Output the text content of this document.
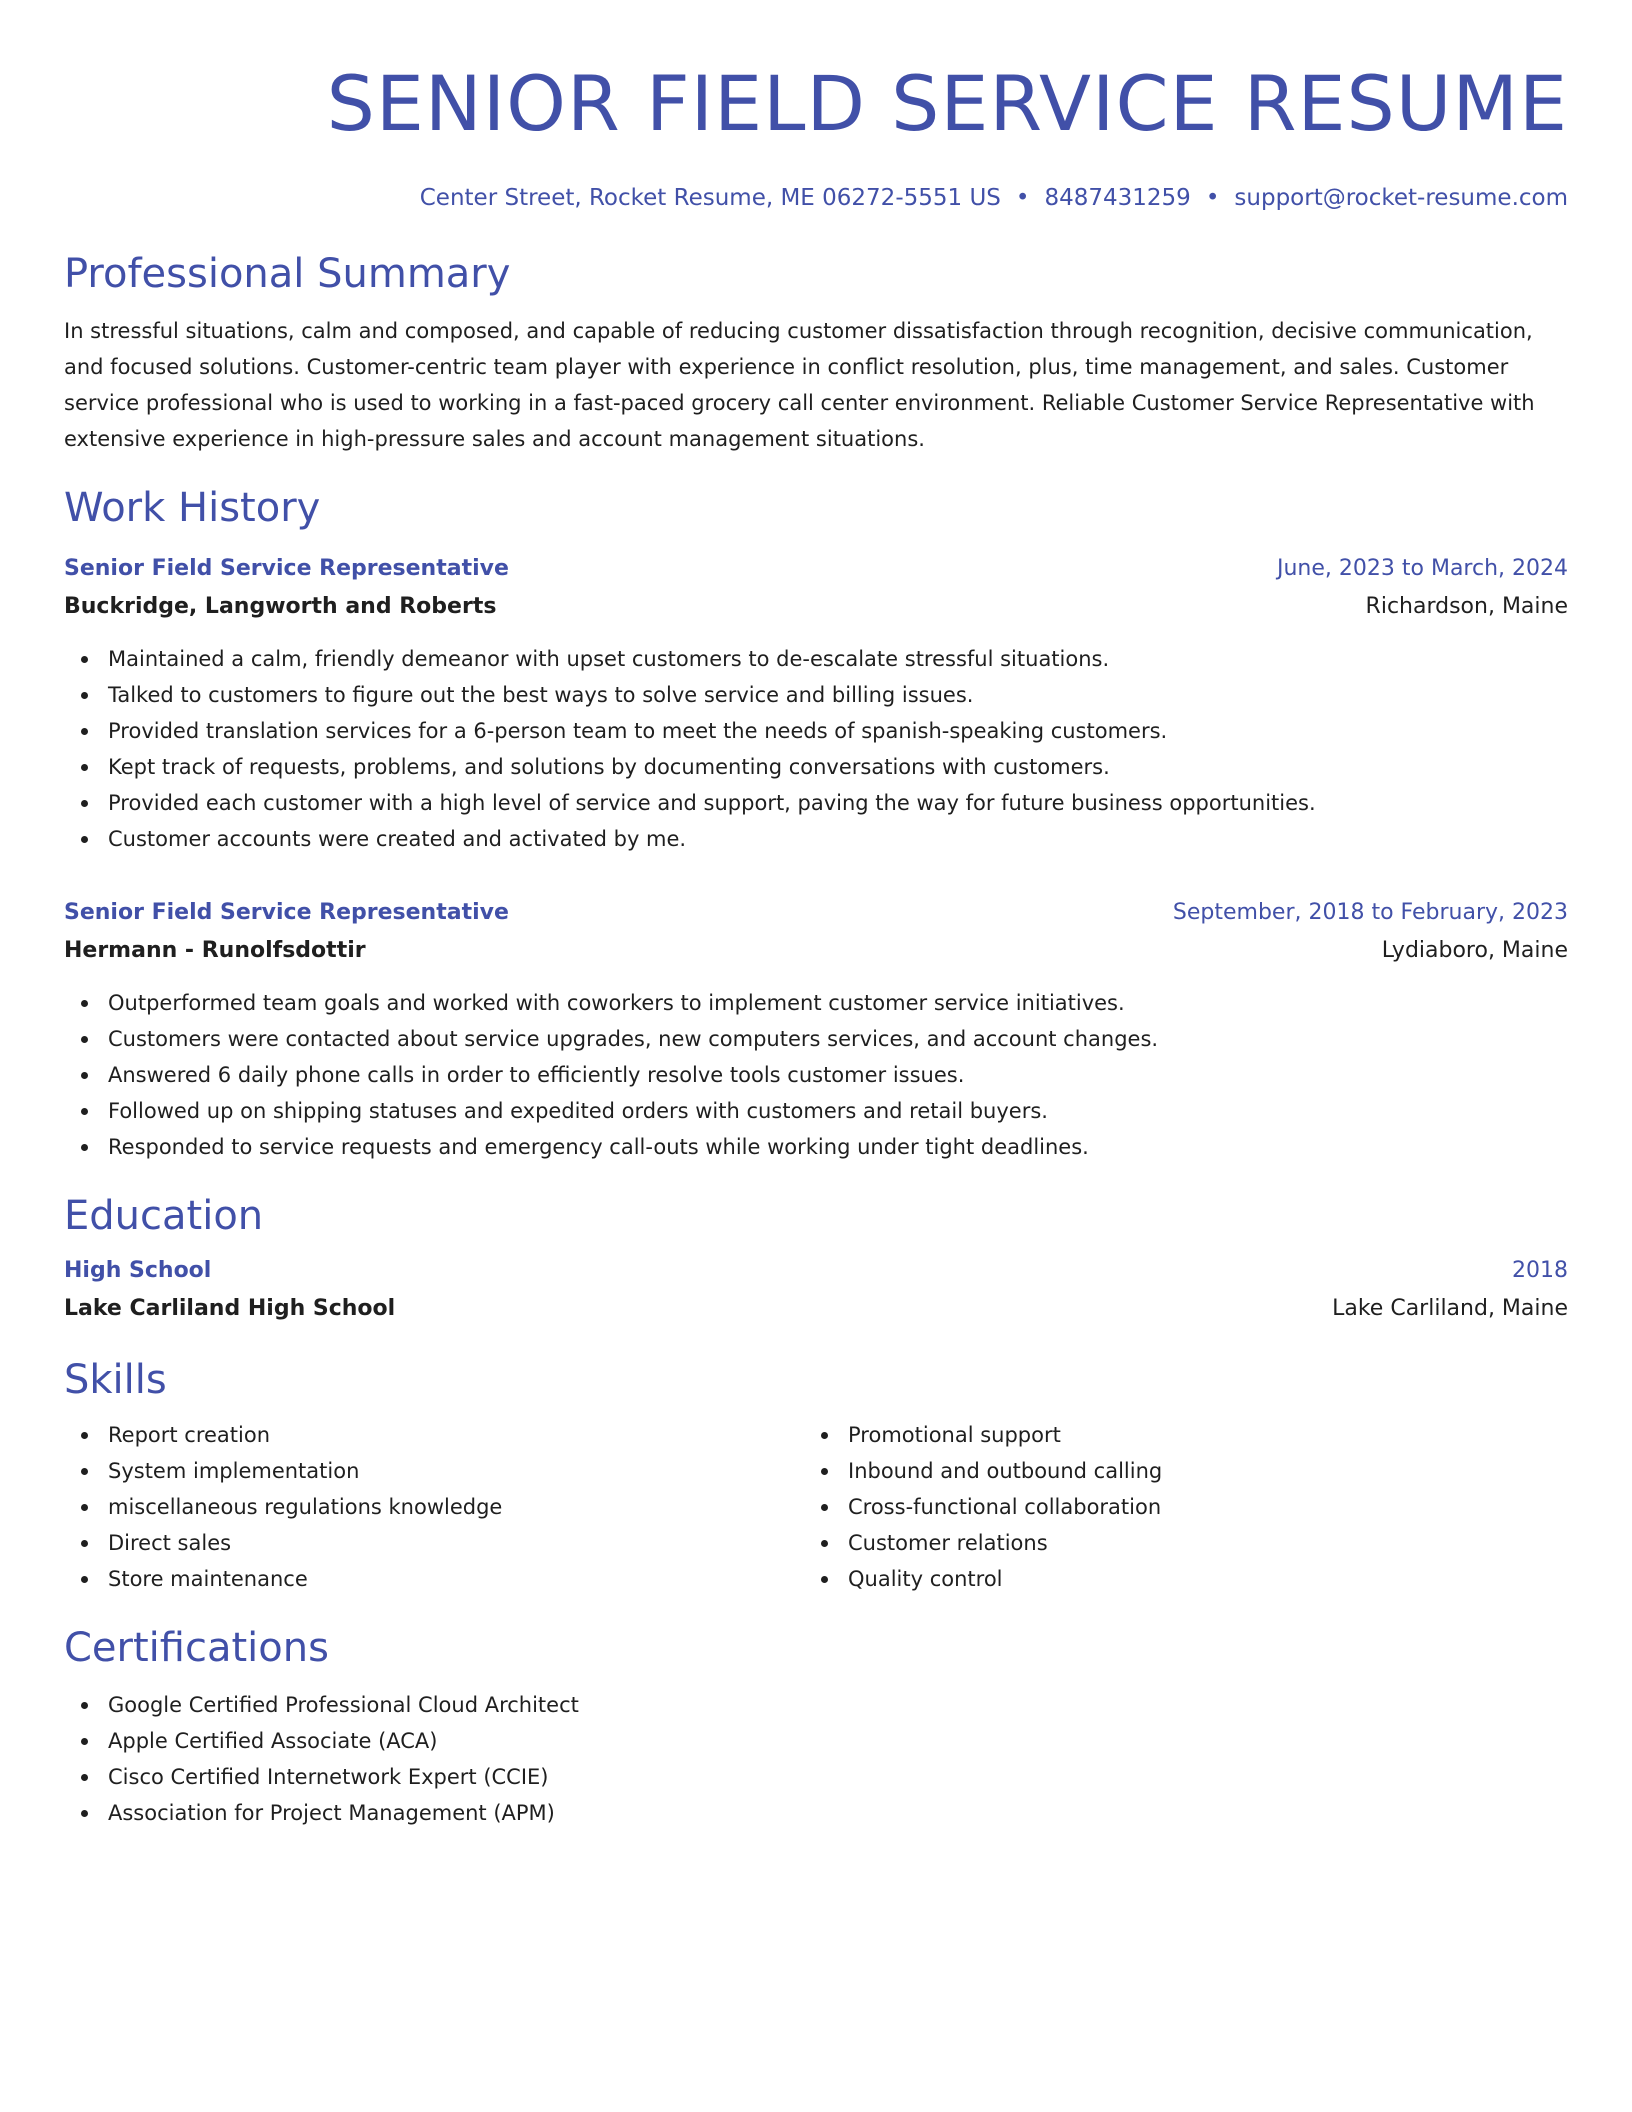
SENIOR FIELD SERVICE RESUME
Center Street, Rocket Resume, ME 06272-5551 US • 8487431259 • support@rocket-resume.com
Professional Summary

In stressful situations, calm and composed, and capable of reducing customer dissatisfaction through recognition, decisive communication, and focused solutions. Customer-centric team player with experience in conflict resolution, plus, time management, and sales. Customer service professional who is used to working in a fast-paced grocery call center environment. Reliable Customer Service Representative with extensive experience in high-pressure sales and account management situations.

Work History
Senior Field Service Representative	June, 2023 to March, 2024
Buckridge, Langworth and Roberts	Richardson, Maine
Maintained a calm, friendly demeanor with upset customers to de-escalate stressful situations.
Talked to customers to figure out the best ways to solve service and billing issues.
Provided translation services for a 6-person team to meet the needs of spanish-speaking customers.
Kept track of requests, problems, and solutions by documenting conversations with customers.
Provided each customer with a high level of service and support, paving the way for future business opportunities.
Customer accounts were created and activated by me.
Senior Field Service Representative	September, 2018 to February, 2023
Hermann - Runolfsdottir	Lydiaboro, Maine
Outperformed team goals and worked with coworkers to implement customer service initiatives.
Customers were contacted about service upgrades, new computers services, and account changes.
Answered 6 daily phone calls in order to efficiently resolve tools customer issues.
Followed up on shipping statuses and expedited orders with customers and retail buyers.
Responded to service requests and emergency call-outs while working under tight deadlines.
Education
High School	2018
Lake Carliland High School	Lake Carliland, Maine
Skills
Report creation
System implementation
miscellaneous regulations knowledge
Direct sales
Store maintenance
Promotional support
Inbound and outbound calling
Cross-functional collaboration
Customer relations
Quality control
Certifications
Google Certified Professional Cloud Architect
Apple Certified Associate (ACA)
Cisco Certified Internetwork Expert (CCIE)
Association for Project Management (APM)
